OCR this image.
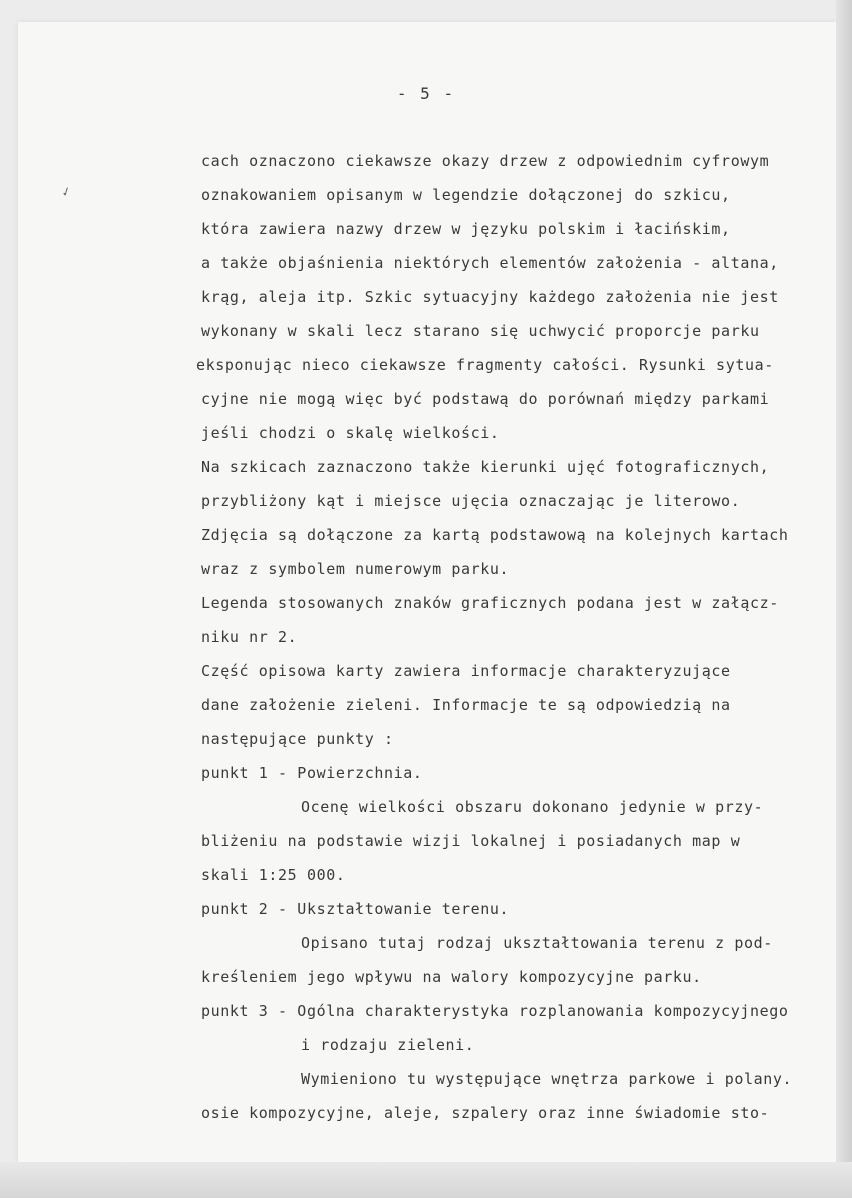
- 5 -
✓

cach oznaczono ciekawsze okazy drzew z odpowiednim cyfrowym

oznakowaniem opisanym w legendzie dołączonej do szkicu,

która zawiera nazwy drzew w języku polskim i łacińskim,

a także objaśnienia niektórych elementów założenia - altana,

krąg, aleja itp. Szkic sytuacyjny każdego założenia nie jest

wykonany w skali lecz starano się uchwycić proporcje parku

eksponując nieco ciekawsze fragmenty całości. Rysunki sytua-

cyjne nie mogą więc być podstawą do porównań między parkami

jeśli chodzi o skalę wielkości.

Na szkicach zaznaczono także kierunki ujęć fotograficznych,

przybliżony kąt i miejsce ujęcia oznaczając je literowo.

Zdjęcia są dołączone za kartą podstawową na kolejnych kartach

wraz z symbolem numerowym parku.

Legenda stosowanych znaków graficznych podana jest w załącz-

niku nr 2.

Część opisowa karty zawiera informacje charakteryzujące

dane założenie zieleni. Informacje te są odpowiedzią na

następujące punkty :

punkt 1 - Powierzchnia.

Ocenę wielkości obszaru dokonano jedynie w przy-

bliżeniu na podstawie wizji lokalnej i posiadanych map w

skali 1:25 000.

punkt 2 - Ukształtowanie terenu.

Opisano tutaj rodzaj ukształtowania terenu z pod-

kreśleniem jego wpływu na walory kompozycyjne parku.

punkt 3 - Ogólna charakterystyka rozplanowania kompozycyjnego

i rodzaju zieleni.

Wymieniono tu występujące wnętrza parkowe i polany.

osie kompozycyjne, aleje, szpalery oraz inne świadomie sto-
